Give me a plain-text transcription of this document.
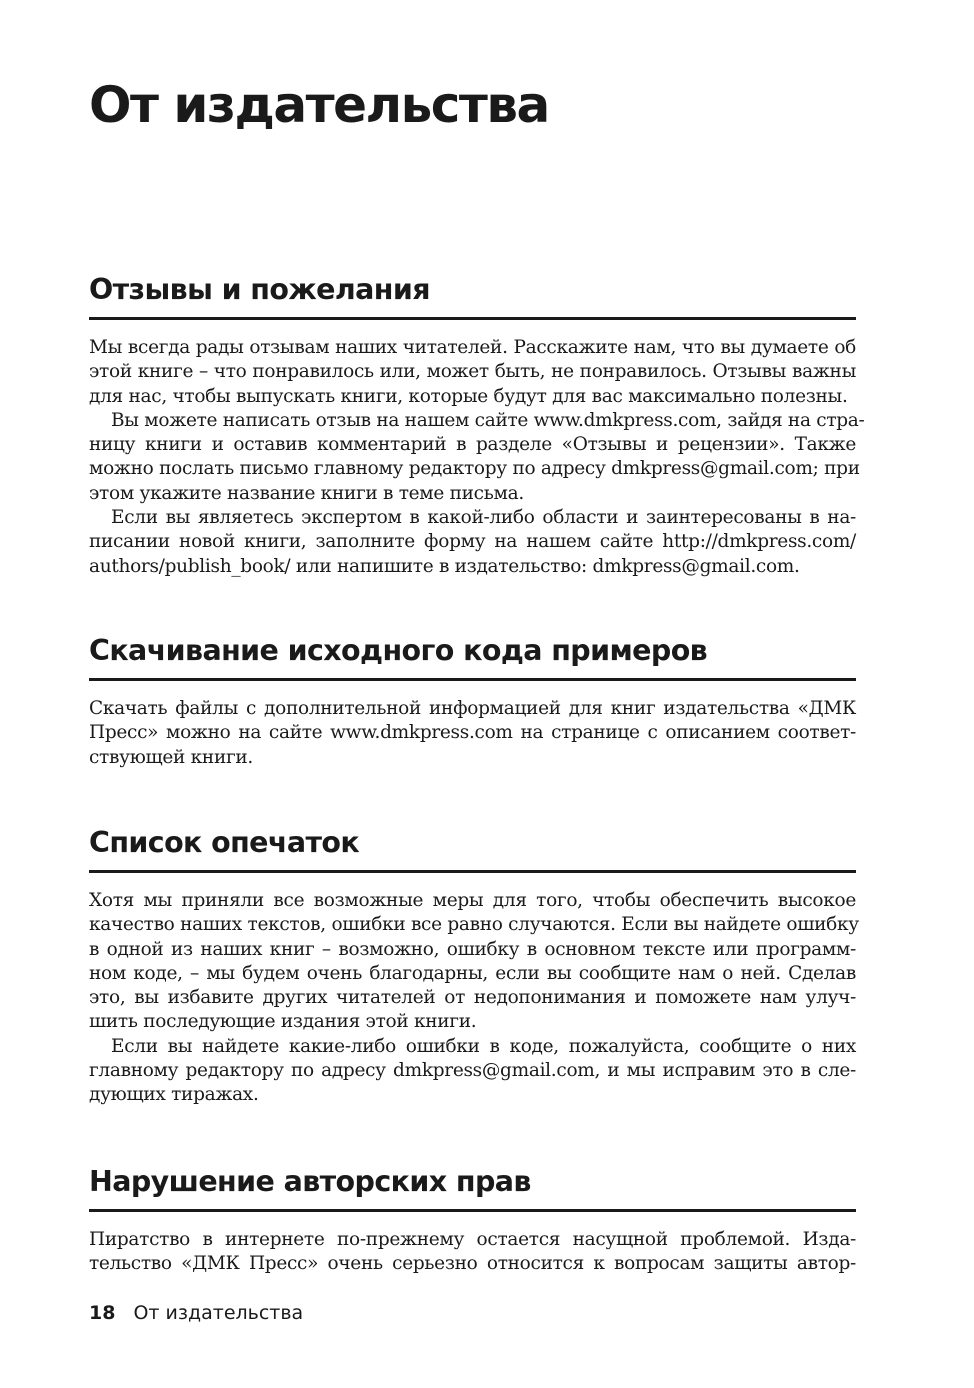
От издательства
Отзывы и пожелания

Мы всегда рады отзывам наших читателей. Расскажите нам, что вы думаете об
этой книге – что понравилось или, может быть, не понравилось. Отзывы важны
для нас, чтобы выпускать книги, которые будут для вас максимально полезны.

Вы можете написать отзыв на нашем сайте www.dmkpress.com, зайдя на стра-
ницу книги и оставив комментарий в разделе «Отзывы и рецензии». Также
можно послать письмо главному редактору по адресу dmkpress@gmail.com; при
этом укажите название книги в теме письма.

Если вы являетесь экспертом в какой-либо области и заинтересованы в на-
писании новой книги, заполните форму на нашем сайте http://dmkpress.com/
authors/publish_book/ или напишите в издательство: dmkpress@gmail.com.

Скачивание исходного кода примеров

Скачать файлы с дополнительной информацией для книг издательства «ДМК
Пресс» можно на сайте www.dmkpress.com на странице с описанием соответ-
ствующей книги.

Список опечаток

Хотя мы приняли все возможные меры для того, чтобы обеспечить высокое
качество наших текстов, ошибки все равно случаются. Если вы найдете ошибку
в одной из наших книг – возможно, ошибку в основном тексте или программ-
ном коде, – мы будем очень благодарны, если вы сообщите нам о ней. Сделав
это, вы избавите других читателей от недопонимания и поможете нам улуч-
шить последующие издания этой книги.

Если вы найдете какие-либо ошибки в коде, пожалуйста, сообщите о них
главному редактору по адресу dmkpress@gmail.com, и мы исправим это в сле-
дующих тиражах.

Нарушение авторских прав

Пиратство в интернете по-прежнему остается насущной проблемой. Изда-
тельство «ДМК Пресс» очень серьезно относится к вопросам защиты автор-

18 От издательства
